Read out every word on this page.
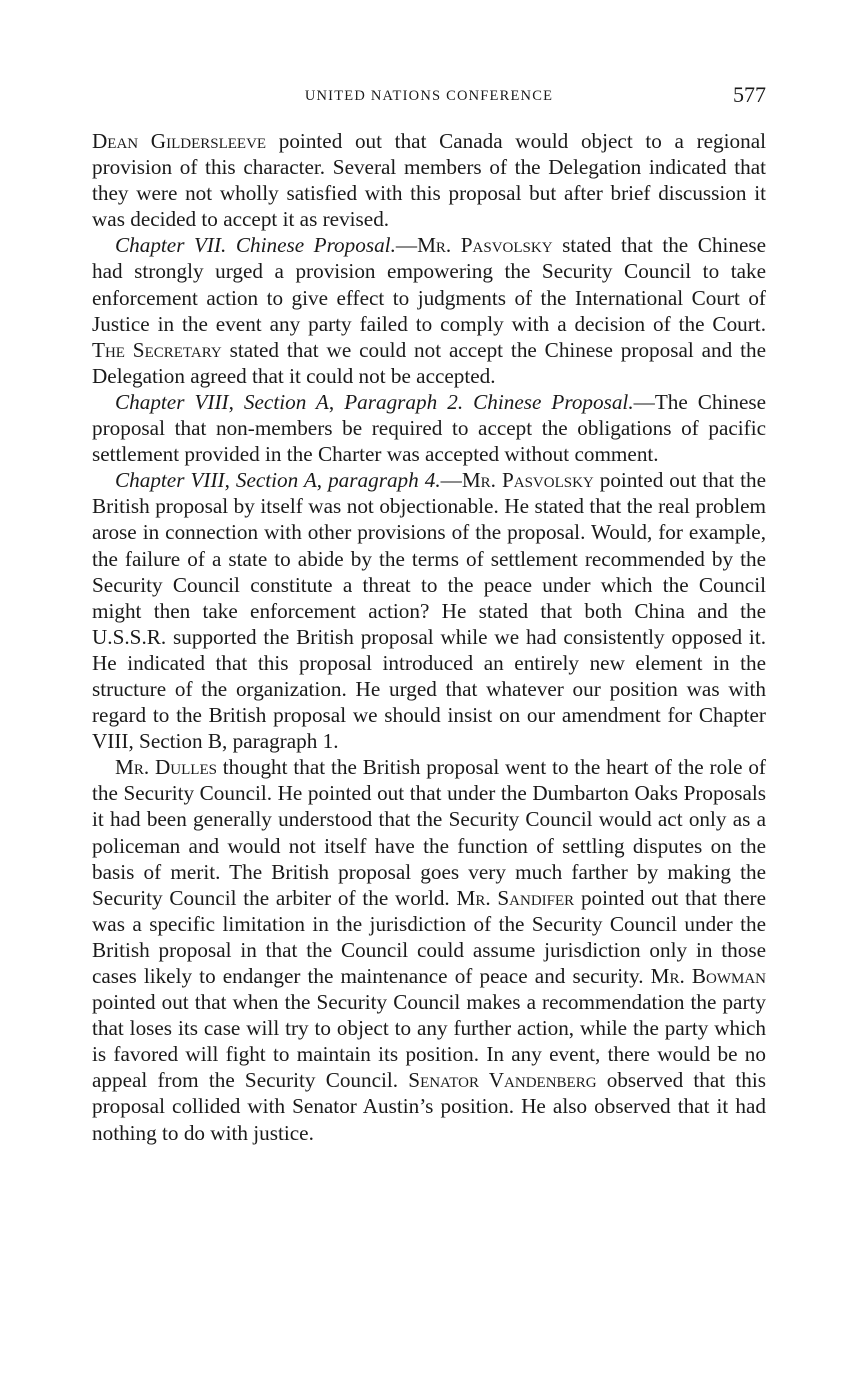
UNITED NATIONS CONFERENCE	577

Dean Gildersleeve pointed out that Canada would object to a regional provision of this character. Several members of the Delegation indicated that they were not wholly satisfied with this proposal but after brief discussion it was decided to accept it as revised.

Chapter VII. Chinese Proposal.—Mr. Pasvolsky stated that the Chinese had strongly urged a provision empowering the Security Council to take enforcement action to give effect to judgments of the International Court of Justice in the event any party failed to comply with a decision of the Court. The Secretary stated that we could not accept the Chinese proposal and the Delegation agreed that it could not be accepted.

Chapter VIII, Section A, Paragraph 2. Chinese Proposal.—The Chinese proposal that non-members be required to accept the obligations of pacific settlement provided in the Charter was accepted without comment.

Chapter VIII, Section A, paragraph 4.—Mr. Pasvolsky pointed out that the British proposal by itself was not objectionable. He stated that the real problem arose in connection with other provisions of the proposal. Would, for example, the failure of a state to abide by the terms of settlement recommended by the Security Council constitute a threat to the peace under which the Council might then take enforcement action? He stated that both China and the U.S.S.R. supported the British proposal while we had consistently opposed it. He indicated that this proposal introduced an entirely new element in the structure of the organization. He urged that whatever our position was with regard to the British proposal we should insist on our amendment for Chapter VIII, Section B, paragraph 1.

Mr. Dulles thought that the British proposal went to the heart of the role of the Security Council. He pointed out that under the Dumbarton Oaks Proposals it had been generally understood that the Security Council would act only as a policeman and would not itself have the function of settling disputes on the basis of merit. The British proposal goes very much farther by making the Security Council the arbiter of the world. Mr. Sandifer pointed out that there was a specific limitation in the jurisdiction of the Security Council under the British proposal in that the Council could assume jurisdiction only in those cases likely to endanger the maintenance of peace and security. Mr. Bowman pointed out that when the Security Council makes a recommendation the party that loses its case will try to object to any further action, while the party which is favored will fight to maintain its position. In any event, there would be no appeal from the Security Council. Senator Vandenberg observed that this proposal collided with Senator Austin’s position. He also observed that it had nothing to do with justice.
